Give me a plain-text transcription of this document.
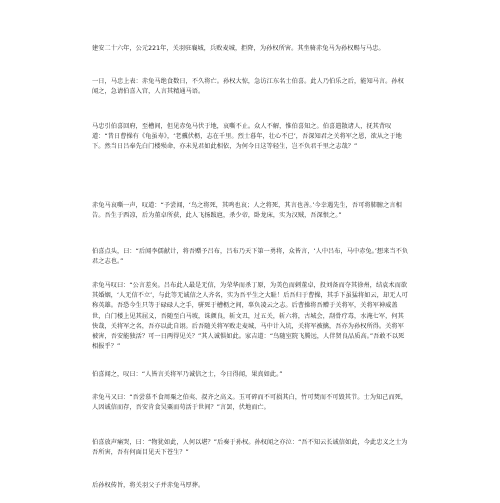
建安二十六年，公元221年，关羽驻襄城，兵败麦城，拒降，为孙权所害。其坐骑赤兔马为孙权赐与马忠。

一日，马忠上表：赤兔马绝食数日，不久将亡。孙权大惊，急访江东名士伯喜。此人乃伯乐之后，能知马言。孙权闻之，急请伯喜入宫，人言其精通马语。

马忠引伯喜回府，至槽间，但见赤兔马伏于地，哀嘶不止。众人不解，惟伯喜知之。伯喜遣散诸人，抚其背叹道：“昔日曹操有《龟虽寿》，‘老骥伏枥，志在千里。烈士暮年，壮心不已’，吾深知君之关将军之恩，欲从之于地下。然当日吕奉先白门楼殒命，亦未见君如此相依，为何今日这等轻生，岂不负君千里之志哉？”

赤兔马哀嘶一声，叹道：“予尝闻，‘鸟之将死，其鸣也哀；人之将死，其言也善。’今幸遇先生，吾可将肺腑之言相告。吾生于西凉，后为董卓所获，此人飞扬跋扈，杀少帝，卧龙床，实为汉贼，吾深恨之。”

伯喜点头，曰：“后闻李儒献计，将吾赠予吕布，吕布乃天下第一勇将，众皆言，‘人中吕布，马中赤兔。’想来当不负君之志也。”

赤兔马叹曰：“公言差矣。吕布此人最是无信，为荣华而杀丁原，为美色而刺董卓，投刘备而夺其徐州，结袁术而欲其婚姻，‘人无信不立’，与此等无诚信之人齐名，实为吾平生之大耻！后吾归于曹操，其手下虽猛将如云，却无人可称英雄。吾恐今生只等于碌碌人之手，骈死于槽枥之间，辜负凌云之志。后曹操将吾赠于关将军，关将军神威盖世，白门楼上见其屈义，吾随至白马坡，诛颜良，斩文丑，过五关，斩六将，古城会，刮骨疗毒，水淹七军，何其快哉，关将军之名，吾亦以此自诩。后吾随关将军败走麦城，马中计入坑，关将军被擒，吾亦为孙权所得。关将军被害，吾安能独活？可一日两得见关？”其人诚惧如此。家吉道：“鸟随室院飞腾远，人伴贤良品质高。”吾敢不以死相报乎？”

伯喜闻之，叹曰：“人皆言关将军乃诚信之士，今日得闻，果真如此。”

赤兔马又曰：“吾尝慕不食周粟之伯夷、叔齐之高义。玉可碎而不可损其白，竹可焚而不可毁其节。士为知己而死，人因诚信而存，吾安肯食吴粟而苟活于世间？”言罢，伏地而亡。

伯喜放声痛哭，曰：“物犹如此，人何以堪？”后奏于孙权。孙权闻之亦泣：“吾不知云长诚信如此，今此忠义之士为吾所害，吾有何面目见天下苍生？”

后孙权传旨，将关羽父子并赤兔马厚葬。
